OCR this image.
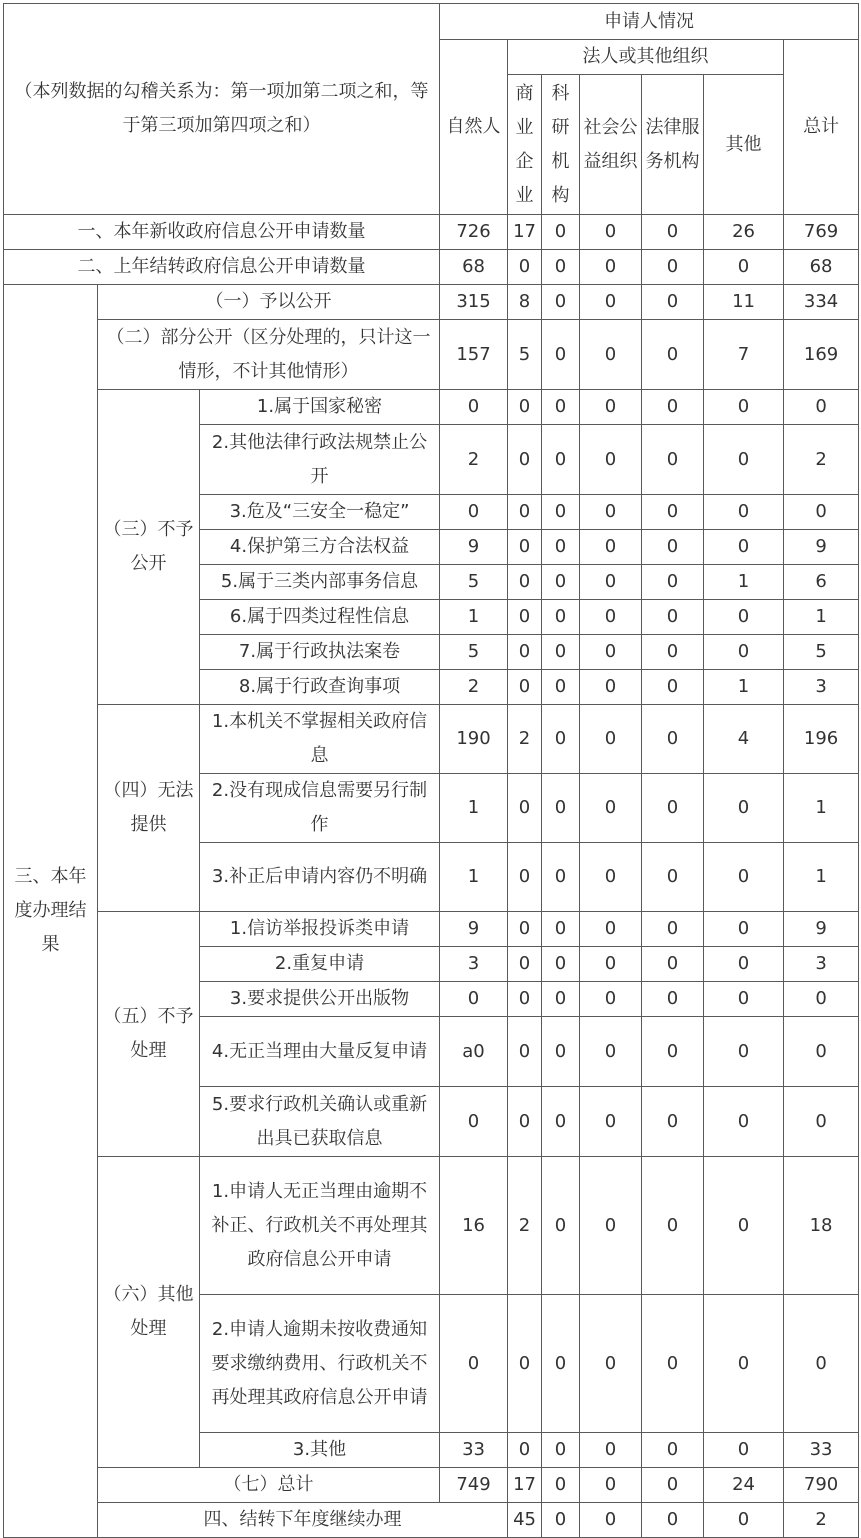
（本列数据的勾稽关系为：第一项加第二项之和，等于第三项加第四项之和）			申请人情况							
			自然人	法人或其他组织					总计	
				商业企业	科研机构	社会公益组织	法律服务机构	其他		
一、本年新收政府信息公开申请数量			726	17	0	0	0	26	769	
二、上年结转政府信息公开申请数量			68	0	0	0	0	0	68	
三、本年度办理结果	（一）予以公开		315	8	0	0	0	11	334	
	（二）部分公开（区分处理的，只计这一情形，不计其他情形）		157	5	0	0	0	7	169	
	（三）不予公开	1.属于国家秘密	0	0	0	0	0	0	0	
		2.其他法律行政法规禁止公开	2	0	0	0	0	0	2	
		3.危及“三安全一稳定”	0	0	0	0	0	0	0	
		4.保护第三方合法权益	9	0	0	0	0	0	9	
		5.属于三类内部事务信息	5	0	0	0	0	1	6	
		6.属于四类过程性信息	1	0	0	0	0	0	1	
		7.属于行政执法案卷	5	0	0	0	0	0	5	
		8.属于行政查询事项	2	0	0	0	0	1	3	
	（四）无法提供	1.本机关不掌握相关政府信息	190	2	0	0	0	4	196	
		2.没有现成信息需要另行制作	1	0	0	0	0	0	1	
		3.补正后申请内容仍不明确	1	0	0	0	0	0	1	
	（五）不予处理	1.信访举报投诉类申请	9	0	0	0	0	0	9	
		2.重复申请	3	0	0	0	0	0	3	
		3.要求提供公开出版物	0	0	0	0	0	0	0	
		4.无正当理由大量反复申请	a0	0	0	0	0	0	0	
		5.要求行政机关确认或重新出具已获取信息	0	0	0	0	0	0	0	
	（六）其他处理	1.申请人无正当理由逾期不补正、行政机关不再处理其政府信息公开申请	16	2	0	0	0	0	18	
		2.申请人逾期未按收费通知要求缴纳费用、行政机关不再处理其政府信息公开申请	0	0	0	0	0	0	0	
		3.其他	33	0	0	0	0	0	33	
	（七）总计		749	17	0	0	0	24	790	
	四、结转下年度继续办理			45	0	0	0	0	2	
